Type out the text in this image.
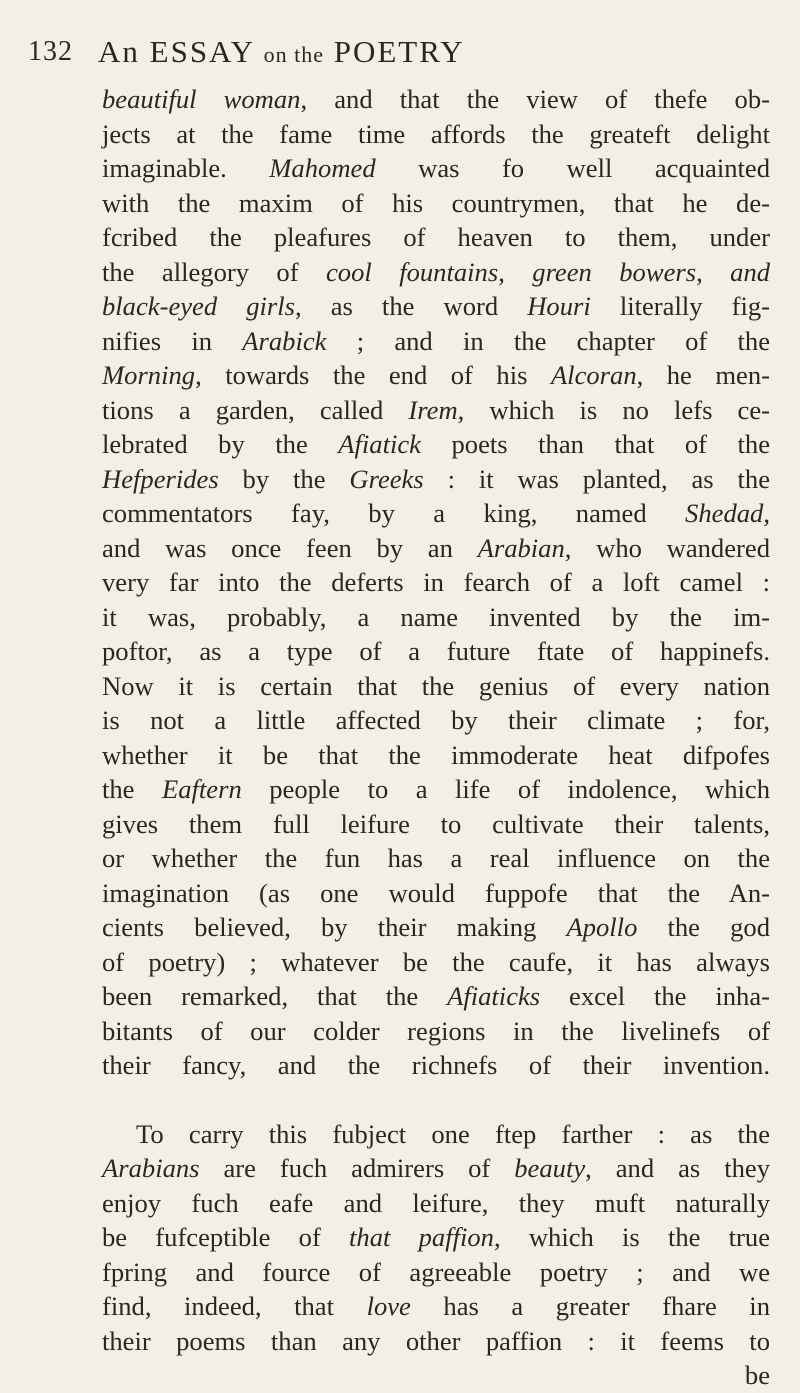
132 An ESSAY on the POETRY
beautiful woman, and that the view of thefe ob-
jects at the fame time affords the greateft delight
imaginable. Mahomed was fo well acquainted
with the maxim of his countrymen, that he de-
fcribed the pleafures of heaven to them, under
the allegory of cool fountains, green bowers, and
black-eyed girls, as the word Houri literally fig-
nifies in Arabick ; and in the chapter of the
Morning, towards the end of his Alcoran, he men-
tions a garden, called Irem, which is no lefs ce-
lebrated by the Afiatick poets than that of the
Hefperides by the Greeks : it was planted, as the
commentators fay, by a king, named Shedad,
and was once feen by an Arabian, who wandered
very far into the deferts in fearch of a loft camel :
it was, probably, a name invented by the im-
poftor, as a type of a future ftate of happinefs.
Now it is certain that the genius of every nation
is not a little affected by their climate ; for,
whether it be that the immoderate heat difpofes
the Eaftern people to a life of indolence, which
gives them full leifure to cultivate their talents,
or whether the fun has a real influence on the
imagination (as one would fuppofe that the An-
cients believed, by their making Apollo the god
of poetry) ; whatever be the caufe, it has always
been remarked, that the Afiaticks excel the inha-
bitants of our colder regions in the livelinefs of
their fancy, and the richnefs of their invention.
To carry this fubject one ftep farther : as the
Arabians are fuch admirers of beauty, and as they
enjoy fuch eafe and leifure, they muft naturally
be fufceptible of that paffion, which is the true
fpring and fource of agreeable poetry ; and we
find, indeed, that love has a greater fhare in
their poems than any other paffion : it feems to
be
